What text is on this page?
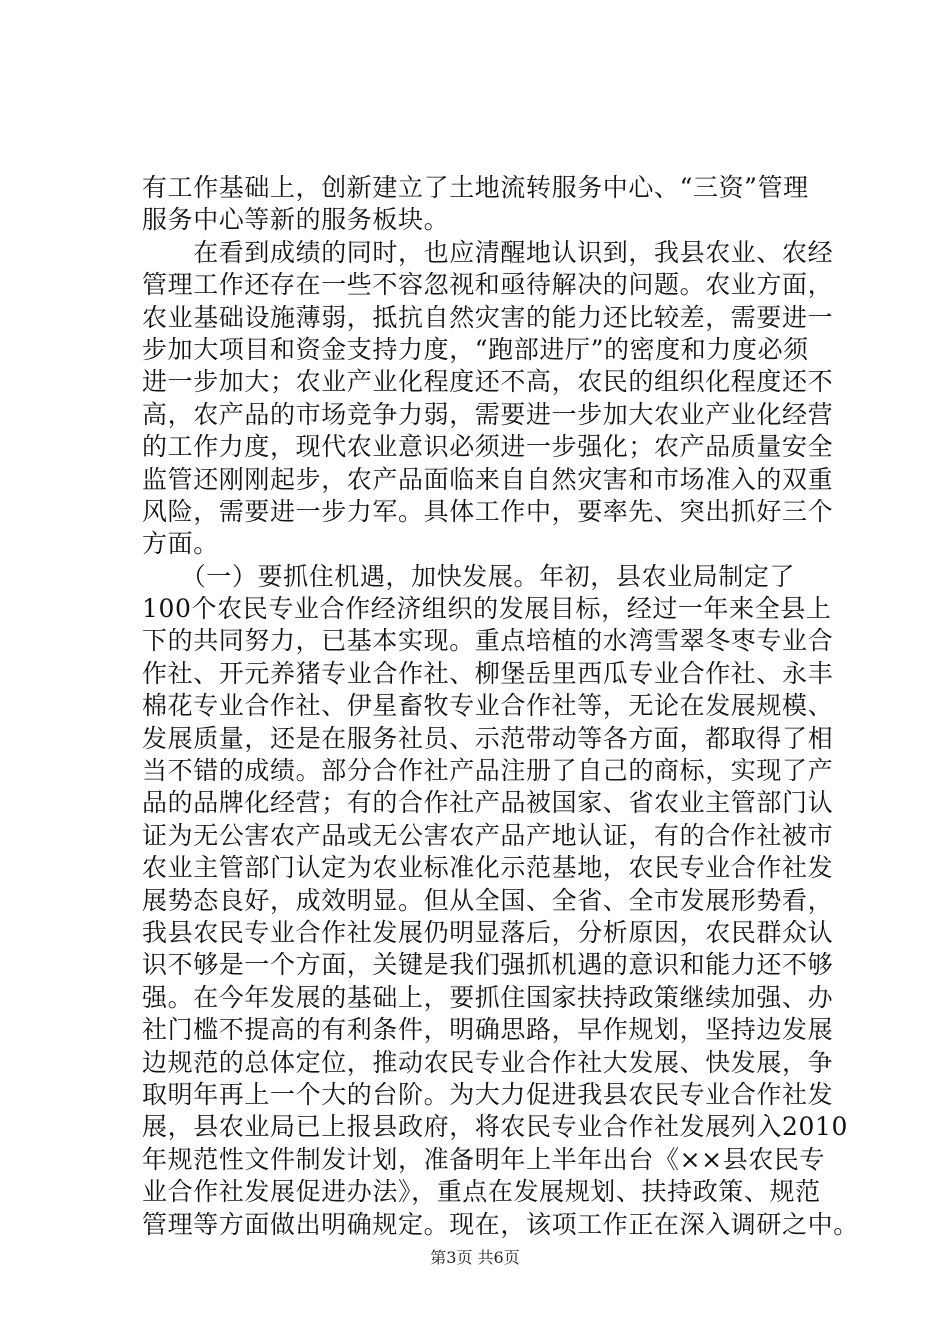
有工作基础上，创新建立了土地流转服务中心、“三资”管理
服务中心等新的服务板块。
　　在看到成绩的同时，也应清醒地认识到，我县农业、农经
管理工作还存在一些不容忽视和亟待解决的问题。农业方面，
农业基础设施薄弱，抵抗自然灾害的能力还比较差，需要进一
步加大项目和资金支持力度，“跑部进厅”的密度和力度必须
进一步加大；农业产业化程度还不高，农民的组织化程度还不
高，农产品的市场竞争力弱，需要进一步加大农业产业化经营
的工作力度，现代农业意识必须进一步强化；农产品质量安全
监管还刚刚起步，农产品面临来自自然灾害和市场准入的双重
风险，需要进一步力军。具体工作中，要率先、突出抓好三个
方面。
　　（一）要抓住机遇，加快发展。年初，县农业局制定了
100个农民专业合作经济组织的发展目标，经过一年来全县上
下的共同努力，已基本实现。重点培植的水湾雪翠冬枣专业合
作社、开元养猪专业合作社、柳堡岳里西瓜专业合作社、永丰
棉花专业合作社、伊星畜牧专业合作社等，无论在发展规模、
发展质量，还是在服务社员、示范带动等各方面，都取得了相
当不错的成绩。部分合作社产品注册了自己的商标，实现了产
品的品牌化经营；有的合作社产品被国家、省农业主管部门认
证为无公害农产品或无公害农产品产地认证，有的合作社被市
农业主管部门认定为农业标准化示范基地，农民专业合作社发
展势态良好，成效明显。但从全国、全省、全市发展形势看，
我县农民专业合作社发展仍明显落后，分析原因，农民群众认
识不够是一个方面，关键是我们强抓机遇的意识和能力还不够
强。在今年发展的基础上，要抓住国家扶持政策继续加强、办
社门槛不提高的有利条件，明确思路，早作规划，坚持边发展
边规范的总体定位，推动农民专业合作社大发展、快发展，争
取明年再上一个大的台阶。为大力促进我县农民专业合作社发
展，县农业局已上报县政府，将农民专业合作社发展列入2010
年规范性文件制发计划，准备明年上半年出台《××县农民专
业合作社发展促进办法》，重点在发展规划、扶持政策、规范
管理等方面做出明确规定。现在，该项工作正在深入调研之中。
第3页 共6页
